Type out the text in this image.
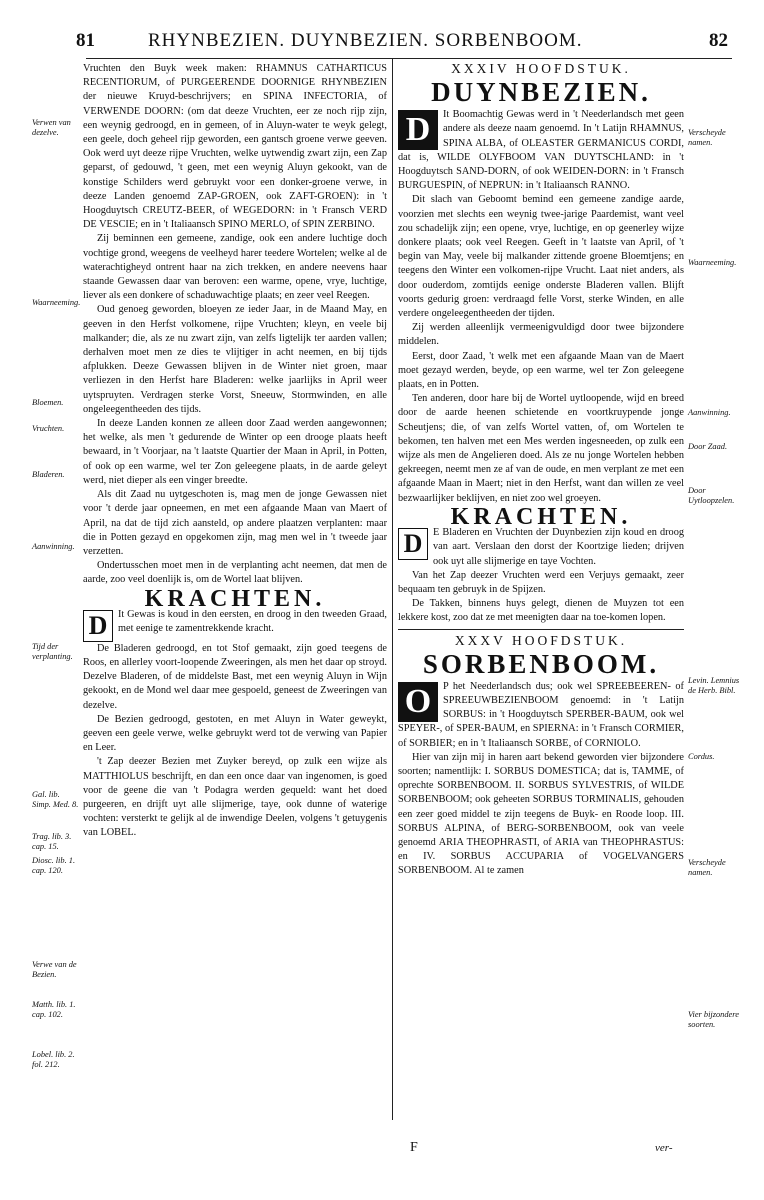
81	RHYNBEZIEN. DUYNBEZIEN. SORBENBOOM.	82
Verwen van dezelve.
Waarneeming.
Bloemen.
Vruchten.
Bladeren.
Aanwinning.
Tijd der verplanting.
Gal. lib. Simp. Med. 8.
Trag. lib. 3. cap. 15.
Diosc. lib. 1. cap. 120.
Verwe van de Bezien.
Matth. lib. 1. cap. 102.
Lobel. lib. 2. fol. 212.
Verscheyde namen.
Waarneeming.
Aanwinning.
Door Zaad.
Door Uytloopzelen.
Levin. Lemnius de Herb. Bibl.
Cordus.
Verscheyde namen.
Vier bijzondere soorten.

Vruchten den Buyk week maken: RHAMNUS CATHARTICUS RECENTIORUM, of PURGEERENDE DOORNIGE RHYNBEZIEN der nieuwe Kruyd-beschrijvers; en SPINA INFECTORIA, of VERWENDE DOORN: (om dat deeze Vruchten, eer ze noch rijp zijn, een weynig gedroogd, en in gemeen, of in Aluyn-water te weyk gelegt, een geele, doch geheel rijp geworden, een gantsch groene verwe geeven. Ook werd uyt deeze rijpe Vruchten, welke uytwendig zwart zijn, een Zap geparst, of gedouwd, 't geen, met een weynig Aluyn gekookt, van de konstige Schilders werd gebruykt voor een donker-groene verwe, in deeze Landen genoemd ZAP-GROEN, ook ZAFT-GROEN): in 't Hoogduytsch CREUTZ-BEER, of WEGEDORN: in 't Fransch VERD DE VESCIE; en in 't Italiaansch SPINO MERLO, of SPIN ZERBINO.

Zij beminnen een gemeene, zandige, ook een andere luchtige doch vochtige grond, weegens de veelheyd harer teedere Wortelen; welke al de waterachtigheyd ontrent haar na zich trekken, en andere neevens haar staande Gewassen daar van beroven: een warme, opene, vrye, luchtige, liever als een donkere of schaduwachtige plaats; en zeer veel Reegen.

Oud genoeg geworden, bloeyen ze ieder Jaar, in de Maand May, en geeven in den Herfst volkomene, rijpe Vruchten; kleyn, en veele bij malkander; die, als ze nu zwart zijn, van zelfs ligtelijk ter aarden vallen; derhalven moet men ze dies te vlijtiger in acht neemen, en bij tijds afplukken. Deeze Gewassen blijven in de Winter niet groen, maar verliezen in den Herfst hare Bladeren: welke jaarlijks in April weer uytspruyten. Verdragen sterke Vorst, Sneeuw, Stormwinden, en alle ongeleegentheeden des tijds.

In deeze Landen konnen ze alleen door Zaad werden aangewonnen; het welke, als men 't gedurende de Winter op een drooge plaats heeft bewaard, in 't Voorjaar, na 't laatste Quartier der Maan in April, in Potten, of ook op een warme, wel ter Zon geleegene plaats, in de aarde geleyt werd, niet dieper als een vinger breedte.

Als dit Zaad nu uytgeschoten is, mag men de jonge Gewassen niet voor 't derde jaar opneemen, en met een afgaande Maan van Maert of April, na dat de tijd zich aansteld, op andere plaatzen verplanten: maar die in Potten gezayd en opgekomen zijn, mag men wel in 't tweede jaar verzetten.

Ondertusschen moet men in de verplanting acht neemen, dat men de aarde, zoo veel doenlijk is, om de Wortel laat blijven.

KRACHTEN.

D	It Gewas is koud in den eersten, en droog in den tweeden Graad, met eenige te zamentrekkende kracht.

De Bladeren gedroogd, en tot Stof gemaakt, zijn goed teegens de Roos, en allerley voort-loopende Zweeringen, als men het daar op stroyd. Dezelve Bladeren, of de middelste Bast, met een weynig Aluyn in Wijn gekookt, en de Mond wel daar mee gespoeld, geneest de Zweeringen van dezelve.

De Bezien gedroogd, gestoten, en met Aluyn in Water geweykt, geeven een geele verwe, welke gebruykt werd tot de verwing van Papier en Leer.

't Zap deezer Bezien met Zuyker bereyd, op zulk een wijze als MATTHIOLUS beschrijft, en dan een once daar van ingenomen, is goed voor de geene die van 't Podagra werden gequeld: want het doed purgeeren, en drijft uyt alle slijmerige, taye, ook dunne of waterige vochten: versterkt te gelijk al de inwendige Deelen, volgens 't getuygenis van LOBEL.

XXXIV HOOFDSTUK.

DUYNBEZIEN.

D	It Boomachtig Gewas werd in 't Neederlandsch met geen andere als deeze naam genoemd. In 't Latijn RHAMNUS, SPINA ALBA, of OLEASTER GERMANICUS CORDI, dat is, WILDE OLYFBOOM VAN DUYTSCHLAND: in 't Hoogduytsch SAND-DORN, of ook WEIDEN-DORN: in 't Fransch BURGUESPIN, of NEPRUN: in 't Italiaansch RANNO.

Dit slach van Geboomt bemind een gemeene zandige aarde, voorzien met slechts een weynig twee-jarige Paardemist, want veel zou schadelijk zijn; een opene, vrye, luchtige, en op geenerley wijze donkere plaats; ook veel Reegen. Geeft in 't laatste van April, of 't begin van May, veele bij malkander zittende groene Bloemtjens; en teegens den Winter een volkomen-rijpe Vrucht. Laat niet anders, als door ouderdom, zomtijds eenige onderste Bladeren vallen. Blijft voorts gedurig groen: verdraagd felle Vorst, sterke Winden, en alle verdere ongeleegentheeden der tijden.

Zij werden alleenlijk vermeenigvuldigd door twee bijzondere middelen.

Eerst, door Zaad, 't welk met een afgaande Maan van de Maert moet gezayd werden, beyde, op een warme, wel ter Zon geleegene plaats, en in Potten.

Ten anderen, door hare bij de Wortel uytloopende, wijd en breed door de aarde heenen schietende en voortkruypende jonge Scheutjens; die, of van zelfs Wortel vatten, of, om Wortelen te bekomen, ten halven met een Mes werden ingesneeden, op zulk een wijze als men de Angelieren doed. Als ze nu jonge Wortelen hebben gekreegen, neemt men ze af van de oude, en men verplant ze met een afgaande Maan in Maert; niet in den Herfst, want dan willen ze veel bezwaarlijker beklijven, en niet zoo wel groeyen.

KRACHTEN.

D	E Bladeren en Vruchten der Duynbezien zijn koud en droog van aart. Verslaan den dorst der Koortzige lieden; drijven ook uyt alle slijmerige en taye Vochten.

Van het Zap deezer Vruchten werd een Verjuys gemaakt, zeer bequaam ten gebruyk in de Spijzen.

De Takken, binnens huys gelegt, dienen de Muyzen tot een lekkere kost, zoo dat ze met meenigten daar na toe-komen lopen.

XXXV HOOFDSTUK.

SORBENBOOM.

O	P het Neederlandsch dus; ook wel SPREEBEEREN- of SPREEUWBEZIENBOOM genoemd: in 't Latijn SORBUS: in 't Hoogduytsch SPERBER-BAUM, ook wel SPEYER-, of SPER-BAUM, en SPIERNA: in 't Fransch CORMIER, of SORBIER; en in 't Italiaansch SORBE, of CORNIOLO.

Hier van zijn mij in haren aart bekend geworden vier bijzondere soorten; namentlijk: I. SORBUS DOMESTICA; dat is, TAMME, of oprechte SORBENBOOM. II. SORBUS SYLVESTRIS, of WILDE SORBENBOOM; ook geheeten SORBUS TORMINALIS, gehouden een zeer goed middel te zijn teegens de Buyk- en Roode loop. III. SORBUS ALPINA, of BERG-SORBENBOOM, ook van veele genoemd ARIA THEOPHRASTI, of ARIA van THEOPHRASTUS: en IV. SORBUS ACCUPARIA of VOGELVANGERS SORBENBOOM. Al te zamen

F	ver-
